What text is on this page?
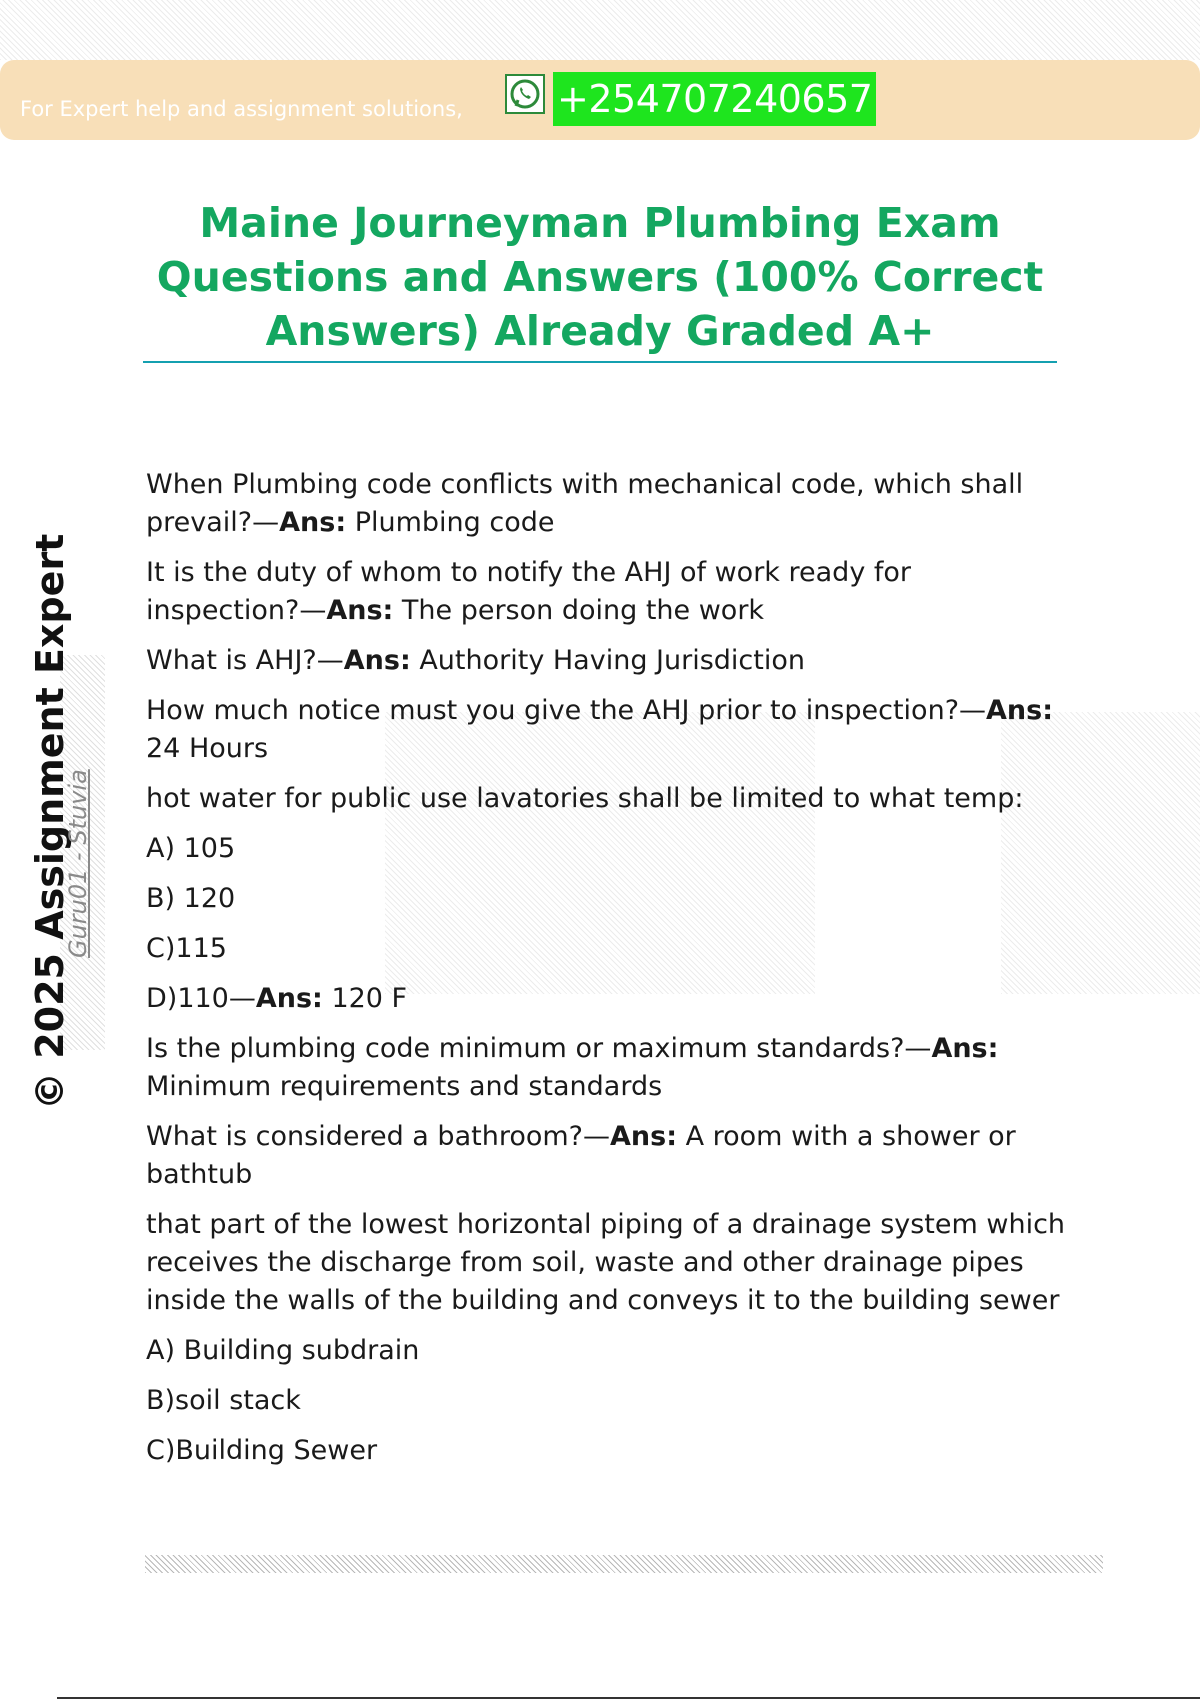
For Expert help and assignment solutions, +254707240657
Maine Journeyman Plumbing Exam
Questions and Answers (100% Correct
Answers) Already Graded A+
© 2025 Assignment Expert
Guru01 - Stuvia

When Plumbing code conflicts with mechanical code, which shall prevail?—Ans: Plumbing code

It is the duty of whom to notify the AHJ of work ready for inspection?—Ans: The person doing the work

What is AHJ?—Ans: Authority Having Jurisdiction

How much notice must you give the AHJ prior to inspection?—Ans: 24 Hours

hot water for public use lavatories shall be limited to what temp:

A) 105

B) 120

C)115

D)110—Ans: 120 F

Is the plumbing code minimum or maximum standards?—Ans: Minimum requirements and standards

What is considered a bathroom?—Ans: A room with a shower or bathtub

that part of the lowest horizontal piping of a drainage system which receives the discharge from soil, waste and other drainage pipes inside the walls of the building and conveys it to the building sewer

A) Building subdrain

B)soil stack

C)Building Sewer
